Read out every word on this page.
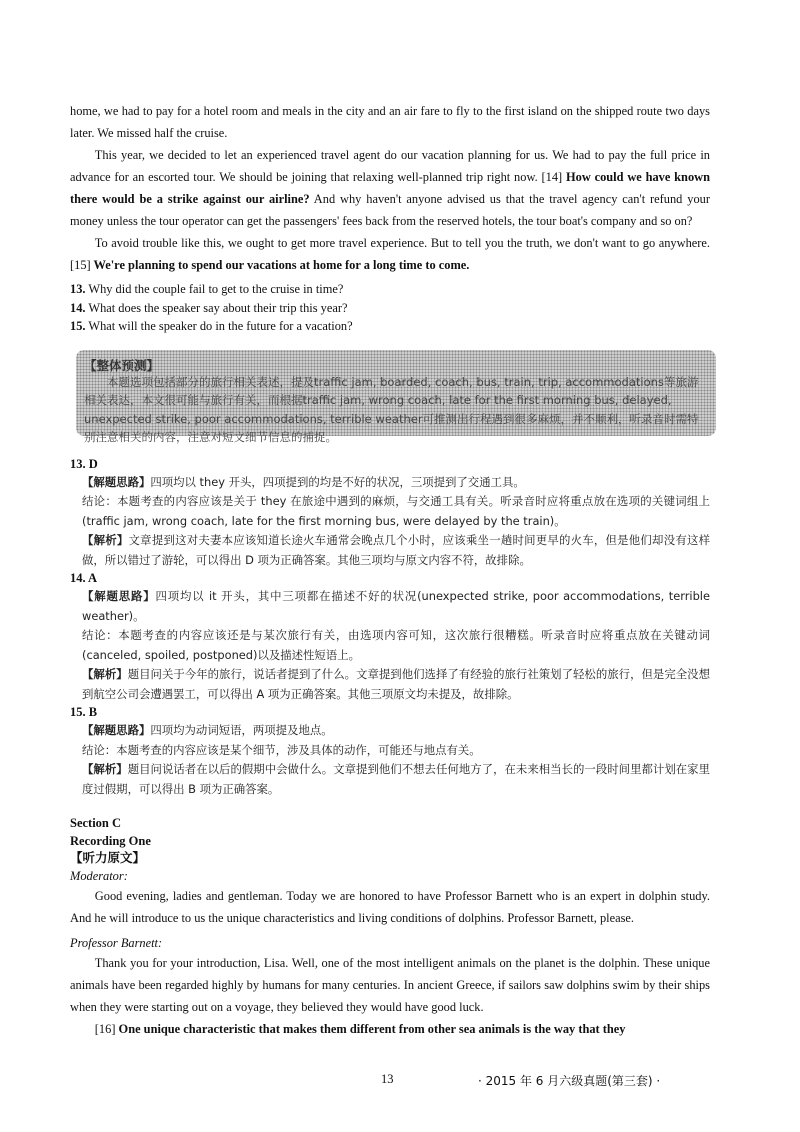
home, we had to pay for a hotel room and meals in the city and an air fare to fly to the first island on the shipped route two days later. We missed half the cruise.

This year, we decided to let an experienced travel agent do our vacation planning for us. We had to pay the full price in advance for an escorted tour. We should be joining that relaxing well-planned trip right now. [14] How could we have known there would be a strike against our airline? And why haven't anyone advised us that the travel agency can't refund your money unless the tour operator can get the passengers' fees back from the reserved hotels, the tour boat's company and so on?

To avoid trouble like this, we ought to get more travel experience. But to tell you the truth, we don't want to go anywhere. [15] We're planning to spend our vacations at home for a long time to come.

13. Why did the couple fail to get to the cruise in time?

14. What does the speaker say about their trip this year?

15. What will the speaker do in the future for a vacation?

【整体预测】
本题选项包括部分的旅行相关表述，提及traffic jam, boarded, coach, bus, train, trip, accommodations等旅游相关表达，本文很可能与旅行有关，而根据traffic jam, wrong coach, late for the first morning bus, delayed, unexpected strike, poor accommodations, terrible weather可推测出行程遇到很多麻烦，并不顺利，听录音时需特别注意相关的内容，注意对短文细节信息的捕捉。
13. D

【解题思路】四项均以 they 开头，四项提到的均是不好的状况，三项提到了交通工具。

结论：本题考查的内容应该是关于 they 在旅途中遇到的麻烦，与交通工具有关。听录音时应将重点放在选项的关键词组上(traffic jam, wrong coach, late for the first morning bus, were delayed by the train)。

【解析】文章提到这对夫妻本应该知道长途火车通常会晚点几个小时，应该乘坐一趟时间更早的火车，但是他们却没有这样做，所以错过了游轮，可以得出 D 项为正确答案。其他三项均与原文内容不符，故排除。

14. A

【解题思路】四项均以 it 开头，其中三项都在描述不好的状况(unexpected strike, poor accommodations, terrible weather)。

结论：本题考查的内容应该还是与某次旅行有关，由选项内容可知，这次旅行很糟糕。听录音时应将重点放在关键动词(canceled, spoiled, postponed)以及描述性短语上。

【解析】题目问关于今年的旅行，说话者提到了什么。文章提到他们选择了有经验的旅行社策划了轻松的旅行，但是完全没想到航空公司会遭遇罢工，可以得出 A 项为正确答案。其他三项原文均未提及，故排除。

15. B

【解题思路】四项均为动词短语，两项提及地点。

结论：本题考查的内容应该是某个细节，涉及具体的动作，可能还与地点有关。

【解析】题目问说话者在以后的假期中会做什么。文章提到他们不想去任何地方了，在未来相当长的一段时间里都计划在家里度过假期，可以得出 B 项为正确答案。

Section C
Recording One
【听力原文】
Moderator:

Good evening, ladies and gentleman. Today we are honored to have Professor Barnett who is an expert in dolphin study. And he will introduce to us the unique characteristics and living conditions of dolphins. Professor Barnett, please.

Professor Barnett:

Thank you for your introduction, Lisa. Well, one of the most intelligent animals on the planet is the dolphin. These unique animals have been regarded highly by humans for many centuries. In ancient Greece, if sailors saw dolphins swim by their ships when they were starting out on a voyage, they believed they would have good luck.

[16] One unique characteristic that makes them different from other sea animals is the way that they

13	· 2015 年 6 月六级真题(第三套) ·
